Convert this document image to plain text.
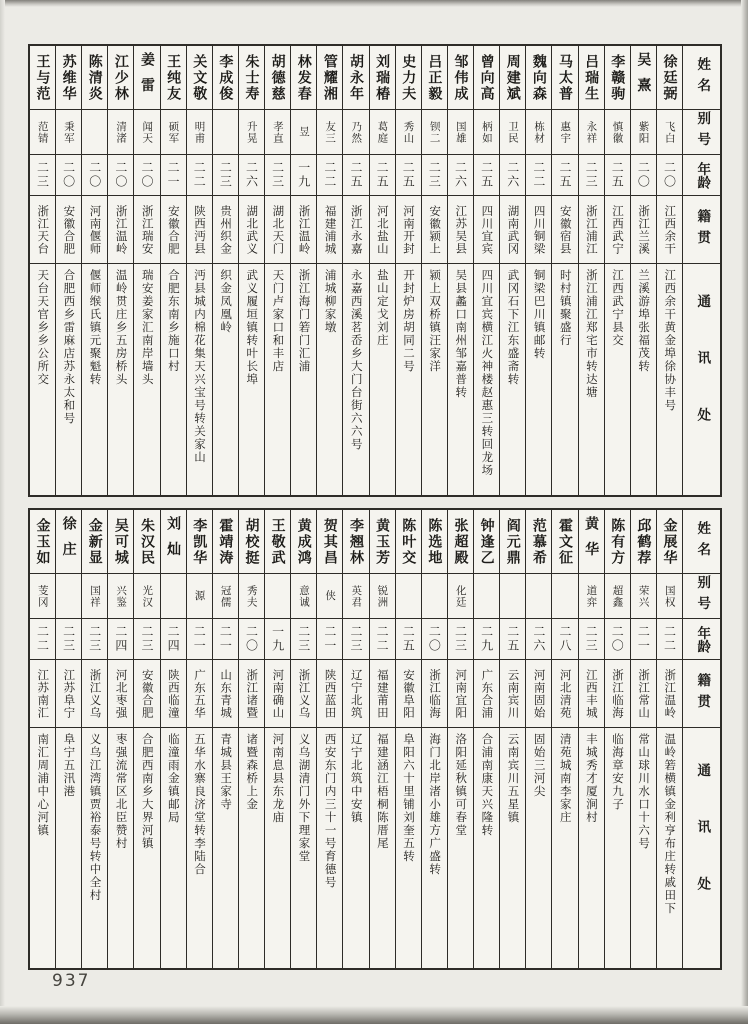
姓名
别号
年龄
籍贯
通讯处
徐廷弼
飞白
二〇
江西余干
江西余干黄金埠徐协丰号
吴熹
紫阳
二〇
浙江兰溪
兰溪游埠张福茂转
李赣驹
慎徽
二五
江西武宁
江西武宁县交
吕瑞生
永祥
二三
浙江浦江
浙江浦江郑宅市转达塘
马太普
惠宇
二五
安徽宿县
时村镇聚盛行
魏向森
栋材
二二
四川铜梁
铜梁巴川镇邮转
周建斌
卫民
二六
湖南武冈
武冈石下江东盛斋转
曾向高
柄如
二五
四川宜宾
四川宜宾横江火神楼赵惠三转回龙场
邹伟成
国雄
二六
江苏吴县
吴县蠡口南州邹嘉普转
吕正毅
钡二
二三
安徽颍上
颍上双桥镇汪家洋
史力夫
秀山
二五
河南开封
开封炉房胡同二号
刘瑞椿
葛庭
二五
河北盐山
盐山定戈刘庄
胡永年
乃然
二五
浙江永嘉
永嘉西溪茗岙乡大门台街六六号
管耀湘
友三
二二
福建浦城
浦城柳家墩
林发春
昱
一九
浙江温岭
浙江海门箬门汇浦
胡德慈
孝直
二三
湖北天门
天门卢家口和丰店
朱士寿
升晃
二六
湖北武义
武义履垣镇转叶长埠
李成俊
二三
贵州织金
织金凤凰岭
关文敬
明甫
二二
陕西沔县
沔县城内棉花集天兴宝号转关家山
王纯友
硕军
二一
安徽合肥
合肥东南乡施口村
姜雷
闻天
二〇
浙江瑞安
瑞安姜家汇南岸墙头
江少林
清渚
二〇
浙江温岭
温岭贯庄乡五房桥头
陈清炎
二〇
河南偃师
偃师缑氏镇元聚魁转
苏维华
秉军
二〇
安徽合肥
合肥西乡雷麻店苏永太和号
王与范
范锖
二三
浙江天台
天台天官乡乡公所交
姓名
别号
年龄
籍贯
通讯处
金展华
国权
二二
浙江温岭
温岭箬横镇金利亨布庄转戚田下
邱鹤荐
荣兴
二一
浙江常山
常山球川水口十六号
陈有方
超鑫
二〇
浙江临海
临海章安九子
黄华
道弈
二三
江西丰城
丰城秀才厦涧村
霍文征
二八
河北清苑
清苑城南李家庄
范慕希
二六
河南固始
固始三河尖
阎元鼎
二五
云南宾川
云南宾川五星镇
钟逢乙
二九
广东合浦
合浦南康天兴隆转
张超殿
化廷
二三
河南宜阳
洛阳延秋镇可春堂
陈选地
二〇
浙江临海
海门北岸渚小雄方广盛转
陈叶交
二五
安徽阜阳
阜阳六十里铺刘奎五转
黄玉芳
锐洲
二二
福建莆田
福建涵江梧桐陈厝尾
李翘林
英君
二三
辽宁北筑
辽宁北筑中安镇
贺其昌
侠
二一
陕西蓝田
西安东门内三十一号育德号
黄成鸿
意诚
二三
浙江义乌
义乌湖清门外下理家堂
王敬武
一九
河南确山
河南息县东龙庙
胡校挺
秀夫
二〇
浙江诸暨
诸暨森桥上金
霍靖涛
冠儒
二一
山东青城
青城县王家寺
李凯华
源
二一
广东五华
五华水寨良济堂转李陆合
刘灿
二四
陕西临潼
临潼雨金镇邮局
朱汉民
光汉
二三
安徽合肥
合肥西南乡大界河镇
吴可城
兴鉴
二四
河北枣强
枣强流常区北臣赞村
金新显
国祥
二三
浙江义乌
义乌江湾镇贾裕泰号转中全村
徐庄
二三
江苏阜宁
阜宁五汛港
金玉如
芰冈
二二
江苏南汇
南汇周浦中心河镇
937
